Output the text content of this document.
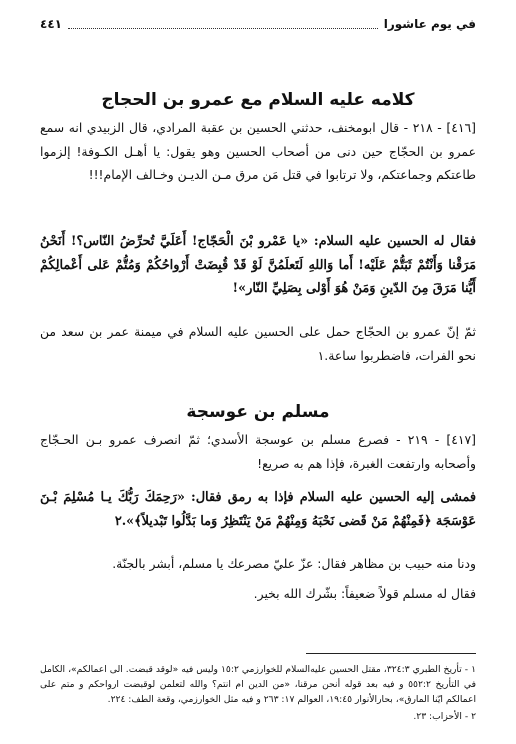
في يوم عاشورا
٤٤١
كلامه عليه السلام مع عمرو بن الحجاج
[٤١٦] - ٢١٨ - قال ابومخنف، حدثني الحسين بن عقبة المرادي، قال الزبيدي انه سمع عمرو بن الحجّاج حين دنى من أصحاب الحسين وهو يقول: يا أهـل الكـوفة! إلزموا طاعتكم وجماعتكم، ولا ترتابوا في قتل مَن مرق مـن الديـن وخـالف الإمام!!!
فقال له الحسين عليه السلام: «يا عَمْرو بْنَ الْحَجّاج! أَعَلَيَّ تُحرِّضُ النّاس؟! أَنَحْنُ مَرَقْنا وَأَنْتُمْ ثَبَتُّمْ عَلَيْه! أَما وَاللهِ لَتَعلَمُنَّ لَوْ قَدْ قُبِضَتْ أَرْواحُكُمْ وَمُتُّمْ عَلى أَعْمالِكُمْ أَيُّنا مَرَقَ مِنَ الدّينِ وَمَنْ هُوَ أَوْلى بِصَلِيِّ النّار»!
ثمّ إنّ عمرو بن الحجّاج حمل على الحسين عليه السلام في ميمنة عمر بن سعد من نحو الفرات، فاضطربوا ساعة.١
مسلم بن عوسجة
[٤١٧] - ٢١٩ - فصرع مسلم بن عوسجة الأسدي؛ ثمّ انصرف عمرو بـن الحـجّاج وأصحابه وارتفعت الغبرة، فإذا هم به صريع!
فمشى إليه الحسين عليه السلام فإذا به رمق فقال: «رَحِمَكَ رَبُّكَ يـا مُسْلِمَ بْـنَ عَوْسَجَة ﴿فَمِنْهُمْ مَنْ قَضى نَحْبَهُ وَمِنْهُمْ مَنْ يَنْتَظِرُ وَما بَدَّلُوا تَبْديلاً﴾».٢
ودنا منه حبيب بن مظاهر فقال: عزّ عليّ مصرعك يا مسلم، أبشر بالجنّة.
فقال له مسلم قولاً ضعيفاً: بشّرك الله بخير.
١ - تأريخ الطبري ٣٢٤:٣، مقتل الحسين عليه‌السلام للخوارزمي ١٥:٢ وليس فيه «لوقد قبضت. الى اعمالكم»، الكامل في التأريخ ٥٥٢:٢ و فيه بعد قوله أنحن مرقنا، «من الدين ام انتم؟ والله لتعلمن لوقبضت ارواحكم و متم على اعمالكم ايّنا المارق»، بحارالأنوار ١٩:٤٥، العوالم ١٧: ٢٦٣ و فيه مثل الخوارزمي، وقعة الطف: ٢٢٤.
٢ - الأحزاب: ٢٣.
